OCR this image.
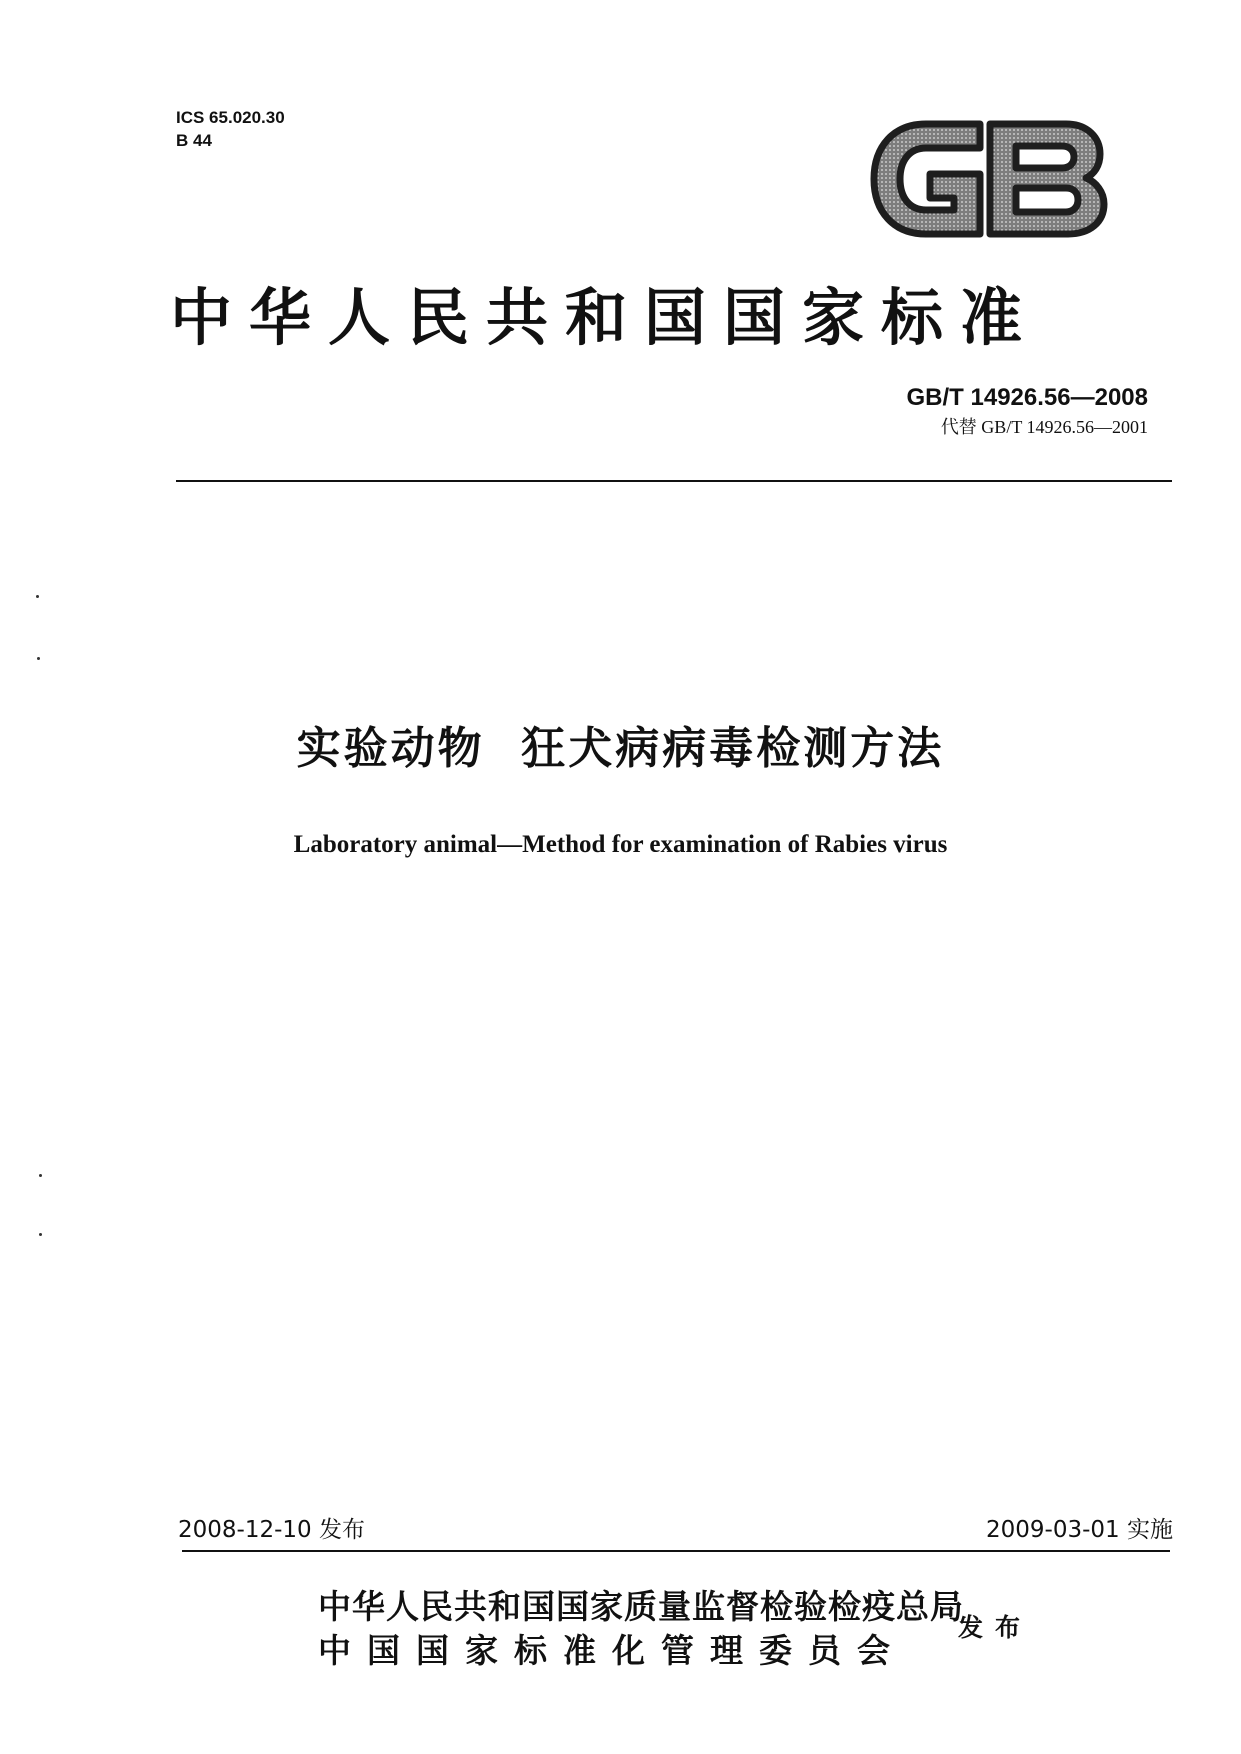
ICS 65.020.30
B 44
中华人民共和国国家标准
GB/T 14926.56—2008
代替 GB/T 14926.56—2001
实验动物  狂犬病病毒检测方法
Laboratory animal—Method for examination of Rabies virus
2008-12-10 发布	2009-03-01 实施
中华人民共和国国家质量监督检验检疫总局
中国国家标准化管理委员会
发布
